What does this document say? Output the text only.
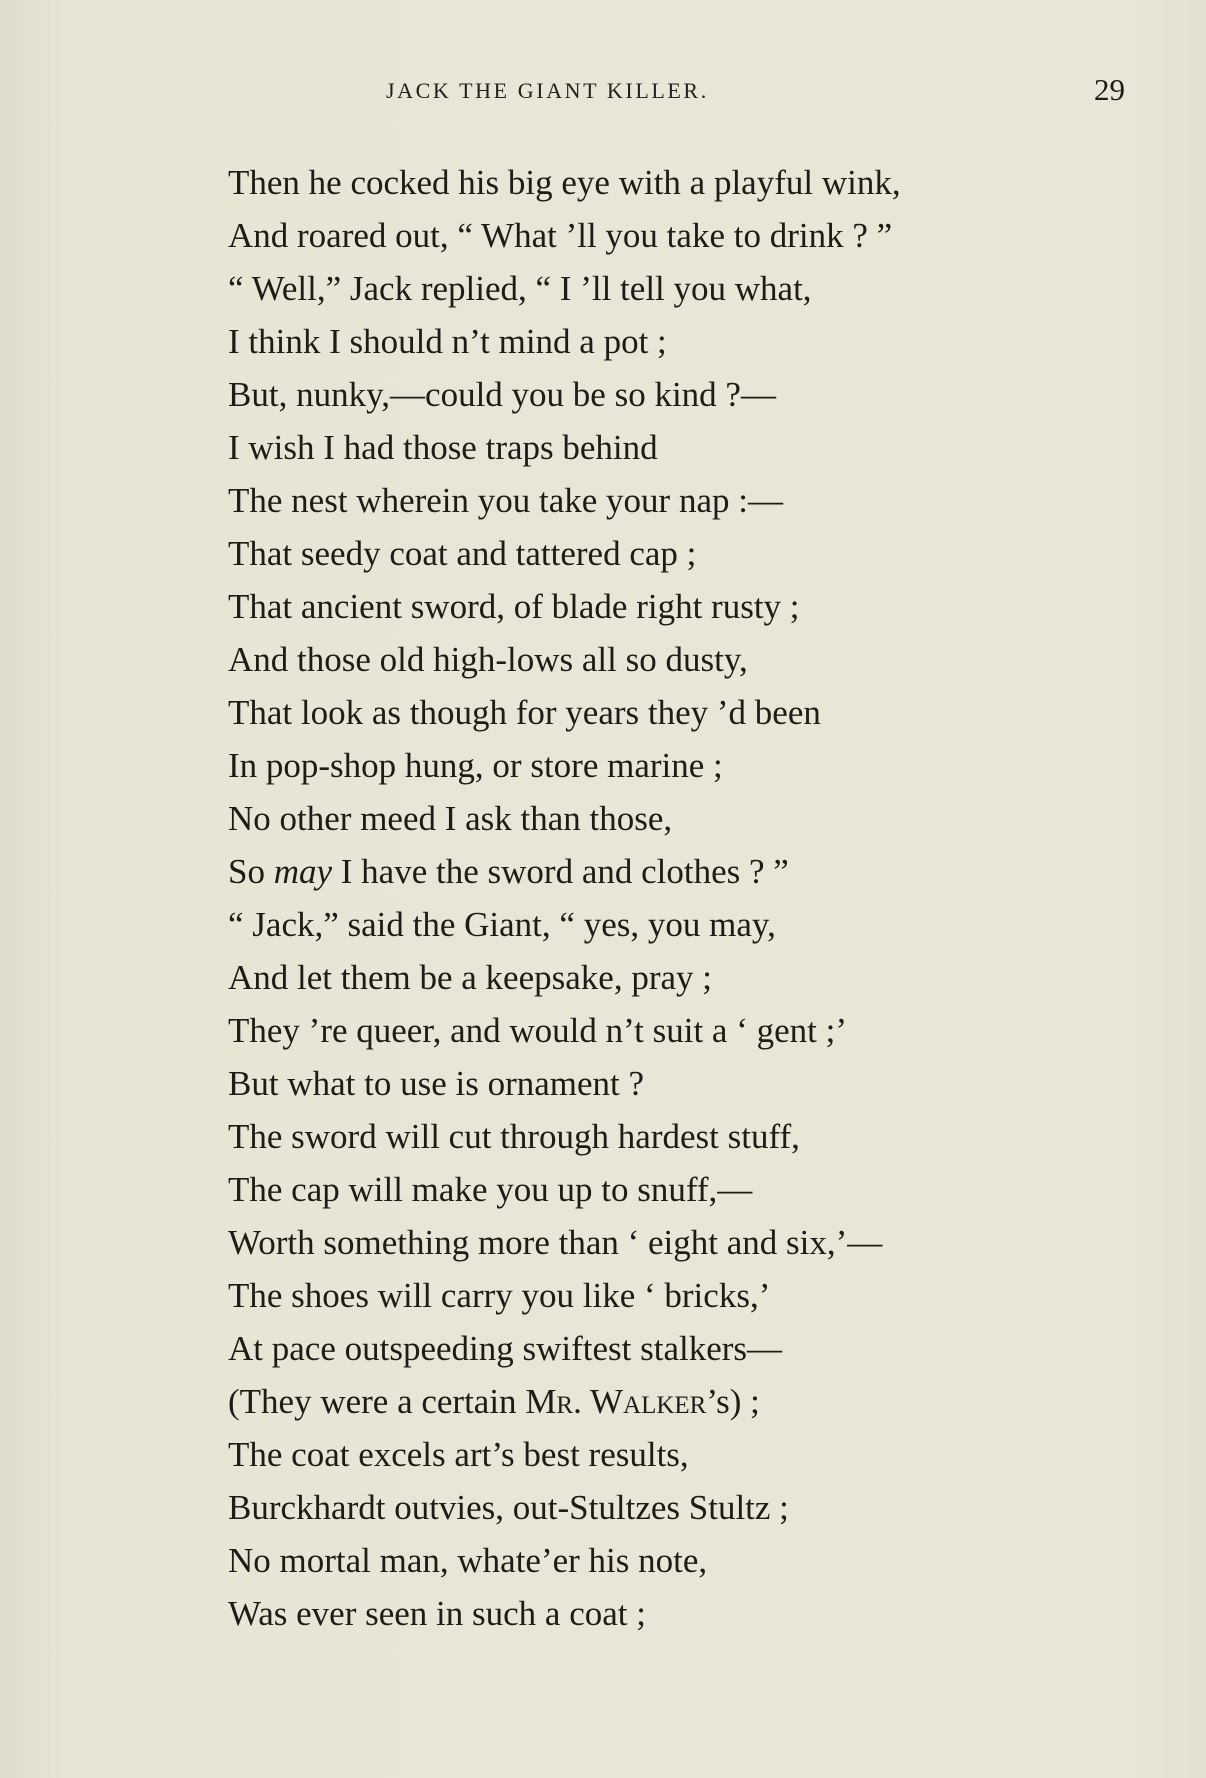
JACK THE GIANT KILLER.	29
Then he cocked his big eye with a playful wink,
And roared out, “ What ’ll you take to drink ? ”
“ Well,” Jack replied, “ I ’ll tell you what,
I think I should n’t mind a pot ;
But, nunky,—could you be so kind ?—
I wish I had those traps behind
The nest wherein you take your nap :—
That seedy coat and tattered cap ;
That ancient sword, of blade right rusty ;
And those old high-lows all so dusty,
That look as though for years they ’d been
In pop-shop hung, or store marine ;
No other meed I ask than those,
So may I have the sword and clothes ? ”
“ Jack,” said the Giant, “ yes, you may,
And let them be a keepsake, pray ;
They ’re queer, and would n’t suit a ‘ gent ;’
But what to use is ornament ?
The sword will cut through hardest stuff,
The cap will make you up to snuff,—
Worth something more than ‘ eight and six,’—
The shoes will carry you like ‘ bricks,’
At pace outspeeding swiftest stalkers—
(They were a certain Mr. Walker’s) ;
The coat excels art’s best results,
Burckhardt outvies, out-Stultzes Stultz ;
No mortal man, whate’er his note,
Was ever seen in such a coat ;
